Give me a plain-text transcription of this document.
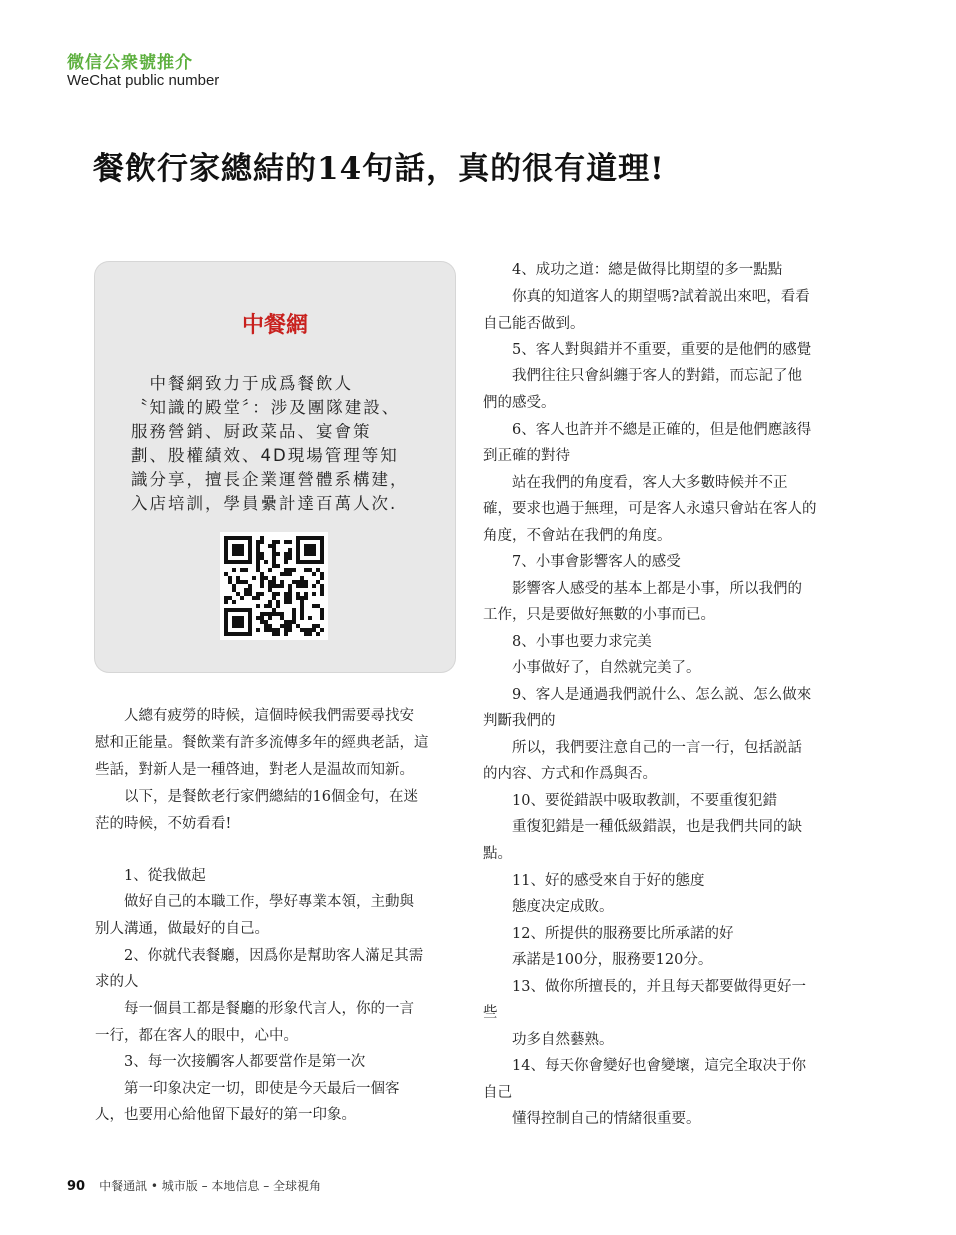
微信公衆號推介
WeChat public number
餐飲行家總結的14句話，真的很有道理!
中餐網

　中餐網致力于成爲餐飲人

〝知識的殿堂〞：涉及團隊建設、

服務營銷、厨政菜品、宴會策

劃、股權績效、4D現場管理等知

識分享，擅長企業運營體系構建，

入店培訓，學員纍計達百萬人次.

　　人總有疲勞的時候，這個時候我們需要尋找安

慰和正能量。餐飲業有許多流傳多年的經典老話，這

些話，對新人是一種啓迪，對老人是温故而知新。

　　以下，是餐飲老行家們總結的16個金句，在迷

茫的時候，不妨看看!

　　1、從我做起

　　做好自己的本職工作，學好專業本領，主動與

别人溝通，做最好的自己。

　　2、你就代表餐廳，因爲你是幫助客人滿足其需

求的人

　　每一個員工都是餐廳的形象代言人，你的一言

一行，都在客人的眼中，心中。

　　3、每一次接觸客人都要當作是第一次

　　第一印象决定一切，即使是今天最后一個客

人，也要用心給他留下最好的第一印象。

　　4、成功之道：總是做得比期望的多一點點

　　你真的知道客人的期望嗎?試着説出來吧，看看

自己能否做到。

　　5、客人對與錯并不重要，重要的是他們的感覺

　　我們往往只會糾纏于客人的對錯，而忘記了他

們的感受。

　　6、客人也許并不總是正確的，但是他們應該得

到正確的對待

　　站在我們的角度看，客人大多數時候并不正

確，要求也過于無理，可是客人永遠只會站在客人的

角度，不會站在我們的角度。

　　7、小事會影響客人的感受

　　影響客人感受的基本上都是小事，所以我們的

工作，只是要做好無數的小事而已。

　　8、小事也要力求完美

　　小事做好了，自然就完美了。

　　9、客人是通過我們説什么、怎么説、怎么做來

判斷我們的

　　所以，我們要注意自己的一言一行，包括説話

的内容、方式和作爲與否。

　　10、要從錯誤中吸取教訓，不要重復犯錯

　　重復犯錯是一種低級錯誤，也是我們共同的缺

點。

　　11、好的感受來自于好的態度

　　態度决定成敗。

　　12、所提供的服務要比所承諾的好

　　承諾是100分，服務要120分。

　　13、做你所擅長的，并且每天都要做得更好一

些

　　功多自然藝熟。

　　14、每天你會變好也會變壞，這完全取决于你

自己

　　懂得控制自己的情緒很重要。

90 中餐通訊 • 城市版 – 本地信息 – 全球視角
